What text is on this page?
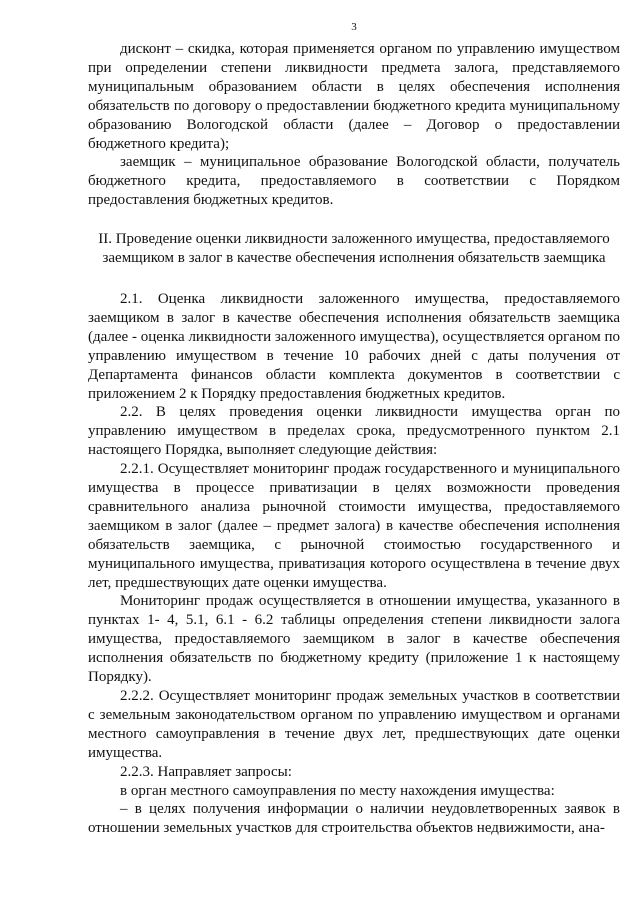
3

дисконт – скидка, которая применяется органом по управлению имуществом при определении степени ликвидности предмета залога, представляемого муниципальным образованием области в целях обеспечения исполнения обязательств по договору о предоставлении бюджетного кредита муниципальному образованию Вологодской области (далее – Договор о предоставлении бюджетного кредита);

заемщик – муниципальное образование Вологодской области, получатель бюджетного кредита, предоставляемого в соответствии с Порядком предоставления бюджетных кредитов.

II. Проведение оценки ликвидности заложенного имущества, предоставляемого заемщиком в залог в качестве обеспечения исполнения обязательств заемщика

2.1. Оценка ликвидности заложенного имущества, предоставляемого заемщиком в залог в качестве обеспечения исполнения обязательств заемщика (далее - оценка ликвидности заложенного имущества), осуществляется органом по управлению имуществом в течение 10 рабочих дней с даты получения от Департамента финансов области комплекта документов в соответствии с приложением 2 к Порядку предоставления бюджетных кредитов.

2.2. В целях проведения оценки ликвидности имущества орган по управлению имуществом в пределах срока, предусмотренного пунктом 2.1 настоящего Порядка, выполняет следующие действия:

2.2.1. Осуществляет мониторинг продаж государственного и муниципального имущества в процессе приватизации в целях возможности проведения сравнительного анализа рыночной стоимости имущества, предоставляемого заемщиком в залог (далее – предмет залога) в качестве обеспечения исполнения обязательств заемщика, с рыночной стоимостью государственного и муниципального имущества, приватизация которого осуществлена в течение двух лет, предшествующих дате оценки имущества.

Мониторинг продаж осуществляется в отношении имущества, указанного в пунктах 1- 4, 5.1, 6.1 - 6.2 таблицы определения степени ликвидности залога имущества, предоставляемого заемщиком в залог в качестве обеспечения исполнения обязательств по бюджетному кредиту (приложение 1 к настоящему Порядку).

2.2.2. Осуществляет мониторинг продаж земельных участков в соответствии с земельным законодательством органом по управлению имуществом и органами местного самоуправления в течение двух лет, предшествующих дате оценки имущества.

2.2.3. Направляет запросы:

в орган местного самоуправления по месту нахождения имущества:

– в целях получения информации о наличии неудовлетворенных заявок в отношении земельных участков для строительства объектов недвижимости, ана-
